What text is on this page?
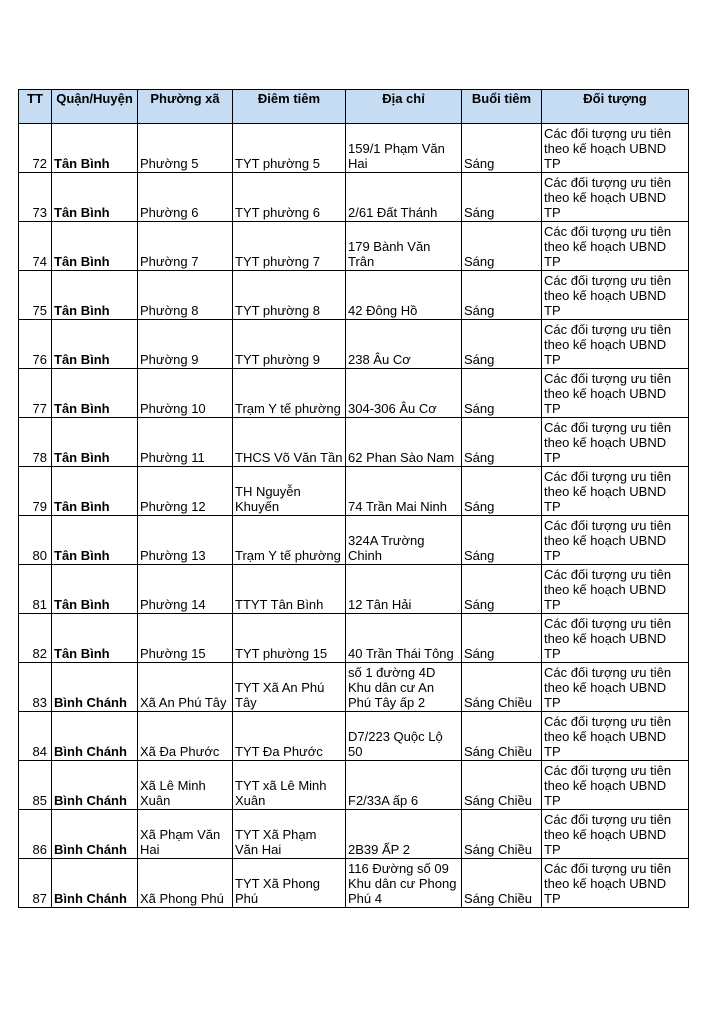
TT	Quận/Huyện	Phường xã	Điêm tiêm	Địa chỉ	Buổi tiêm	Đối tượng

72	Tân Bình	Phường 5	TYT phường 5	159/1 Phạm Văn
Hai	Sáng	Các đối tượng ưu tiên
theo kế hoạch UBND TP

73	Tân Bình	Phường 6	TYT phường 6	2/61 Đất Thánh	Sáng	Các đối tượng ưu tiên
theo kế hoạch UBND TP

74	Tân Bình	Phường 7	TYT phường 7	179 Bành Văn Trân	Sáng	Các đối tượng ưu tiên
theo kế hoạch UBND TP

75	Tân Bình	Phường 8	TYT phường 8	42 Đông Hồ	Sáng	Các đối tượng ưu tiên
theo kế hoạch UBND TP

76	Tân Bình	Phường 9	TYT phường 9	238 Âu Cơ	Sáng	Các đối tượng ưu tiên
theo kế hoạch UBND TP

77	Tân Bình	Phường 10	Trạm Y tế phường	304-306 Âu Cơ	Sáng	Các đối tượng ưu tiên
theo kế hoạch UBND TP

78	Tân Bình	Phường 11	THCS Võ Văn Tần	62 Phan Sào Nam	Sáng	Các đối tượng ưu tiên
theo kế hoạch UBND TP

79	Tân Bình	Phường 12	TH Nguyễn
Khuyến	74 Trần Mai Ninh	Sáng	Các đối tượng ưu tiên
theo kế hoạch UBND TP

80	Tân Bình	Phường 13	Trạm Y tế phường	324A Trường
Chinh	Sáng	Các đối tượng ưu tiên
theo kế hoạch UBND TP

81	Tân Bình	Phường 14	TTYT Tân Bình	12 Tân Hải	Sáng	Các đối tượng ưu tiên
theo kế hoạch UBND TP

82	Tân Bình	Phường 15	TYT phường 15	40 Trần Thái Tông	Sáng	Các đối tượng ưu tiên
theo kế hoạch UBND TP

83	Bình Chánh	Xã An Phú Tây	TYT Xã An Phú
Tây	số 1 đường 4D
Khu dân cư An
Phú Tây ấp 2	Sáng Chiều	Các đối tượng ưu tiên
theo kế hoạch UBND TP

84	Bình Chánh	Xã Đa Phước	TYT Đa Phước	D7/223 Quộc Lộ 50	Sáng Chiều	Các đối tượng ưu tiên
theo kế hoạch UBND TP

85	Bình Chánh	Xã Lê Minh
Xuân	TYT xã Lê Minh
Xuân	F2/33A ấp 6	Sáng Chiều	Các đối tượng ưu tiên
theo kế hoạch UBND TP

86	Bình Chánh	Xã Phạm Văn
Hai	TYT Xã Phạm
Văn Hai	2B39 ẤP 2	Sáng Chiều	Các đối tượng ưu tiên
theo kế hoạch UBND TP

87	Bình Chánh	Xã Phong Phú	TYT Xã Phong
Phú	116 Đường số 09
Khu dân cư Phong
Phú 4	Sáng Chiều	Các đối tượng ưu tiên
theo kế hoạch UBND TP
